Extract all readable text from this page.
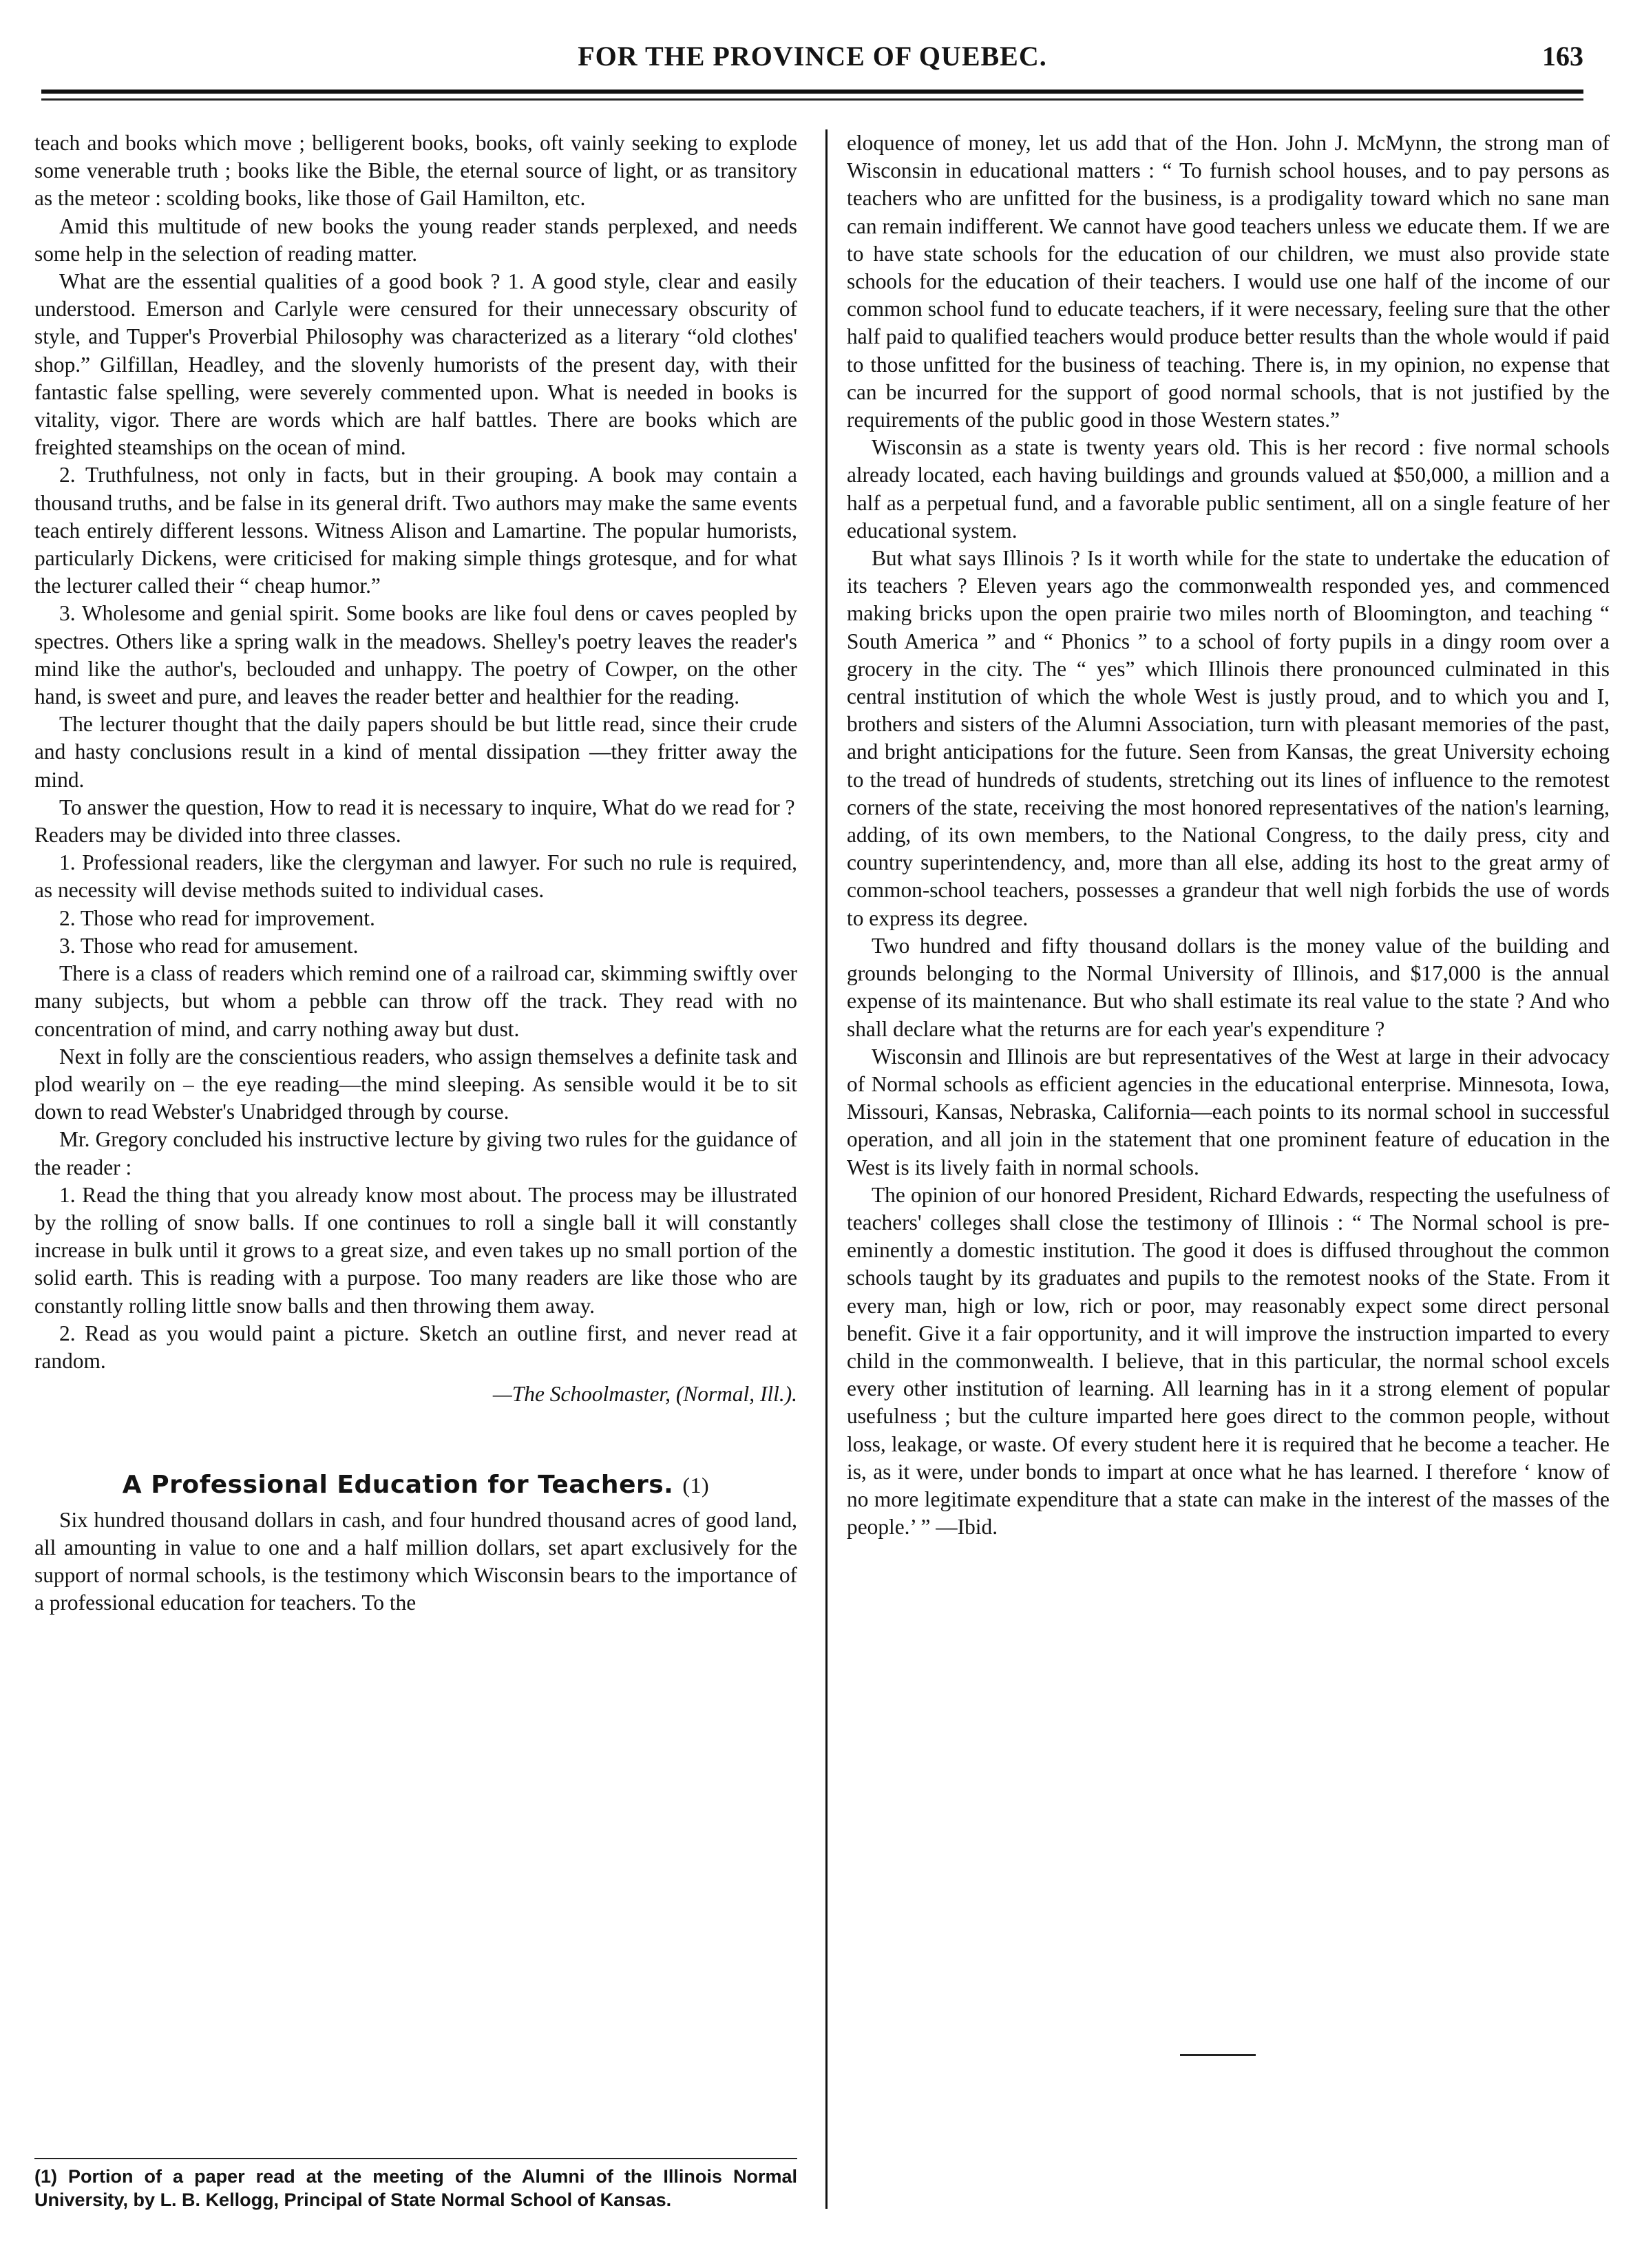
FOR THE PROVINCE OF QUEBEC.	163

teach and books which move ; belligerent books, books, oft vainly seeking to explode some venerable truth ; books like the Bible, the eternal source of light, or as transitory as the meteor : scolding books, like those of Gail Hamilton, etc.

Amid this multitude of new books the young reader stands perplexed, and needs some help in the selection of reading matter.

What are the essential qualities of a good book ? 1. A good style, clear and easily understood. Emerson and Carlyle were censured for their unnecessary obscurity of style, and Tupper's Proverbial Philosophy was characterized as a literary “old clothes' shop.” Gilfillan, Headley, and the slovenly humorists of the present day, with their fantastic false spelling, were severely commented upon. What is needed in books is vitality, vigor. There are words which are half battles. There are books which are freighted steamships on the ocean of mind.

2. Truthfulness, not only in facts, but in their grouping. A book may contain a thousand truths, and be false in its general drift. Two authors may make the same events teach entirely different lessons. Witness Alison and Lamartine. The popular humorists, particularly Dickens, were criticised for making simple things grotesque, and for what the lecturer called their “ cheap humor.”

3. Wholesome and genial spirit. Some books are like foul dens or caves peopled by spectres. Others like a spring walk in the meadows. Shelley's poetry leaves the reader's mind like the author's, beclouded and unhappy. The poetry of Cowper, on the other hand, is sweet and pure, and leaves the reader better and healthier for the reading.

The lecturer thought that the daily papers should be but little read, since their crude and hasty conclusions result in a kind of mental dissipation —they fritter away the mind.

To answer the question, How to read it is necessary to inquire, What do we read for ?

Readers may be divided into three classes.

1. Professional readers, like the clergyman and lawyer. For such no rule is required, as necessity will devise methods suited to individual cases.

2. Those who read for improvement.

3. Those who read for amusement.

There is a class of readers which remind one of a railroad car, skimming swiftly over many subjects, but whom a pebble can throw off the track. They read with no concentration of mind, and carry nothing away but dust.

Next in folly are the conscientious readers, who assign themselves a definite task and plod wearily on – the eye reading—the mind sleeping. As sensible would it be to sit down to read Webster's Unabridged through by course.

Mr. Gregory concluded his instructive lecture by giving two rules for the guidance of the reader :

1. Read the thing that you already know most about. The process may be illustrated by the rolling of snow balls. If one continues to roll a single ball it will constantly increase in bulk until it grows to a great size, and even takes up no small portion of the solid earth. This is reading with a purpose. Too many readers are like those who are constantly rolling little snow balls and then throwing them away.

2. Read as you would paint a picture. Sketch an outline first, and never read at random.

—The Schoolmaster, (Normal, Ill.).

A Professional Education for Teachers. (1)

Six hundred thousand dollars in cash, and four hundred thousand acres of good land, all amounting in value to one and a half million dollars, set apart exclusively for the support of normal schools, is the testimony which Wisconsin bears to the importance of a professional education for teachers. To the

eloquence of money, let us add that of the Hon. John J. McMynn, the strong man of Wisconsin in educational matters : “ To furnish school houses, and to pay persons as teachers who are unfitted for the business, is a prodigality toward which no sane man can remain indifferent. We cannot have good teachers unless we educate them. If we are to have state schools for the education of our children, we must also provide state schools for the education of their teachers. I would use one half of the income of our common school fund to educate teachers, if it were necessary, feeling sure that the other half paid to qualified teachers would produce better results than the whole would if paid to those unfitted for the business of teaching. There is, in my opinion, no expense that can be incurred for the support of good normal schools, that is not justified by the requirements of the public good in those Western states.”

Wisconsin as a state is twenty years old. This is her record : five normal schools already located, each having buildings and grounds valued at $50,000, a million and a half as a perpetual fund, and a favorable public sentiment, all on a single feature of her educational system.

But what says Illinois ? Is it worth while for the state to undertake the education of its teachers ? Eleven years ago the commonwealth responded yes, and commenced making bricks upon the open prairie two miles north of Bloomington, and teaching “ South America ” and “ Phonics ” to a school of forty pupils in a dingy room over a grocery in the city. The “ yes” which Illinois there pronounced culminated in this central institution of which the whole West is justly proud, and to which you and I, brothers and sisters of the Alumni Association, turn with pleasant memories of the past, and bright anticipations for the future. Seen from Kansas, the great University echoing to the tread of hundreds of students, stretching out its lines of influence to the remotest corners of the state, receiving the most honored representatives of the nation's learning, adding, of its own members, to the National Congress, to the daily press, city and country superintendency, and, more than all else, adding its host to the great army of common-school teachers, possesses a grandeur that well nigh forbids the use of words to express its degree.

Two hundred and fifty thousand dollars is the money value of the building and grounds belonging to the Normal University of Illinois, and $17,000 is the annual expense of its maintenance. But who shall estimate its real value to the state ? And who shall declare what the returns are for each year's expenditure ?

Wisconsin and Illinois are but representatives of the West at large in their advocacy of Normal schools as efficient agencies in the educational enterprise. Minnesota, Iowa, Missouri, Kansas, Nebraska, California—each points to its normal school in successful operation, and all join in the statement that one prominent feature of education in the West is its lively faith in normal schools.

The opinion of our honored President, Richard Edwards, respecting the usefulness of teachers' colleges shall close the testimony of Illinois : “ The Normal school is pre-eminently a domestic institution. The good it does is diffused throughout the common schools taught by its graduates and pupils to the remotest nooks of the State. From it every man, high or low, rich or poor, may reasonably expect some direct personal benefit. Give it a fair opportunity, and it will improve the instruction imparted to every child in the commonwealth. I believe, that in this particular, the normal school excels every other institution of learning. All learning has in it a strong element of popular usefulness ; but the culture imparted here goes direct to the common people, without loss, leakage, or waste. Of every student here it is required that he become a teacher. He is, as it were, under bonds to impart at once what he has learned. I therefore ‘ know of no more legitimate expenditure that a state can make in the interest of the masses of the people.’ ” —Ibid.

(1) Portion of a paper read at the meeting of the Alumni of the Illinois Normal University, by L. B. Kellogg, Principal of State Normal School of Kansas.
